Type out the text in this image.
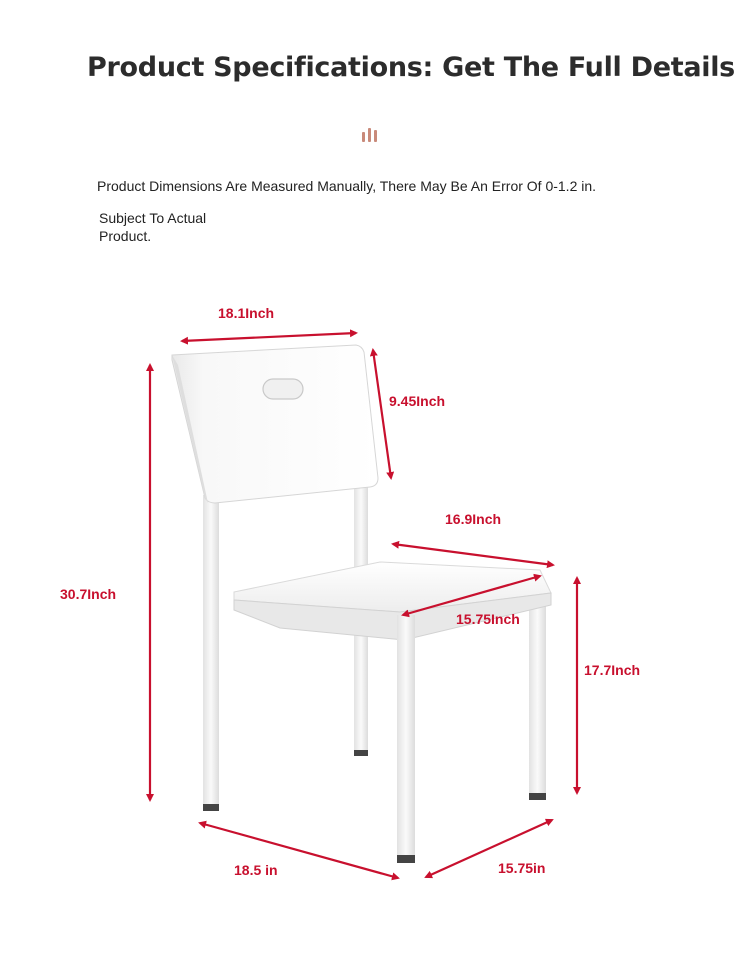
Product Specifications: Get The Full Details
Product Dimensions Are Measured Manually, There May Be An Error Of 0-1.2 in.
Subject To Actual Product.
18.1Inch
9.45Inch
30.7Inch
16.9Inch
15.75Inch
17.7Inch
18.5 in	15.75in
